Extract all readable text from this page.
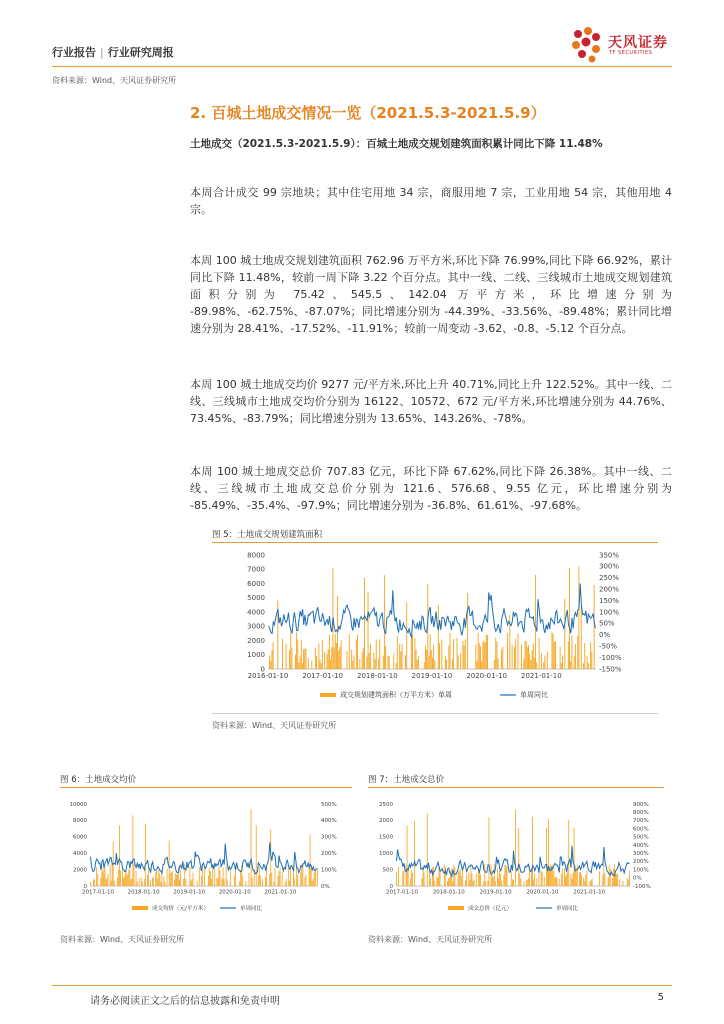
行业报告 | 行业研究周报
天风证券
TF SECURITIES
资料来源：Wind、天风证券研究所
2. 百城土地成交情况一览（2021.5.3-2021.5.9）
土地成交（2021.5.3-2021.5.9）：百城土地成交规划建筑面积累计同比下降 11.48%
本周合计成交 99 宗地块；其中住宅用地 34 宗，商服用地 7 宗，工业用地 54 宗，其他用地 4 宗。
本周 100 城土地成交规划建筑面积 762.96 万平方米,环比下降 76.99%,同比下降 66.92%，累计同比下降 11.48%，较前一周下降 3.22 个百分点。其中一线、二线、三线城市土地成交规划建筑面积分别为 75.42、545.5、142.04 万平方米，环比增速分别为 -89.98%、-62.75%、-87.07%；同比增速分别为 -44.39%、-33.56%、-89.48%；累计同比增速分别为 28.41%、-17.52%、-11.91%；较前一周变动 -3.62、-0.8、-5.12 个百分点。
本周 100 城土地成交均价 9277 元/平方米,环比上升 40.71%,同比上升 122.52%。其中一线、二线、三线城市土地成交均价分别为 16122、10572、672 元/平方米,环比增速分别为 44.76%、73.45%、-83.79%；同比增速分别为 13.65%、143.26%、-78%。
本周 100 城土地成交总价 707.83 亿元，环比下降 67.62%,同比下降 26.38%。其中一线、二线、三线城市土地成交总价分别为 121.6、576.68、9.55 亿元，环比增速分别为 -85.49%、-35.4%、-97.9%；同比增速分别为 -36.8%、61.61%、-97.68%。
图 5：土地成交规划建筑面积
0
1000
2000
3000
4000
5000
6000
7000
8000
-150%
-100%
-50%
0%
50%
100%
150%
200%
250%
300%
350%
2016-01-10 2017-01-10 2018-01-10 2019-01-10 2020-01-10 2021-01-10
成交规划建筑面积（万平方米）单周	单周同比
资料来源：Wind、天风证券研究所
图 6：土地成交均价
0
2000
4000
6000
8000
10000
0%
100%
200%
300%
400%
500%
2017-01-10 2018-01-10 2019-01-10 2020-01-10 2021-01-10
成交均价（元/平方米）	单周同比
资料来源：Wind、天风证券研究所
图 7：土地成交总价
0
500
1000
1500
2000
2500
-100%
0%
100%
200%
300%
400%
500%
600%
700%
800%
900%
2017-01-10	2018-01-10	2019-01-10	2020-01-10	2021-01-10
成交总价（亿元）	单周同比
资料来源：Wind、天风证券研究所
请务必阅读正文之后的信息披露和免责申明	5
